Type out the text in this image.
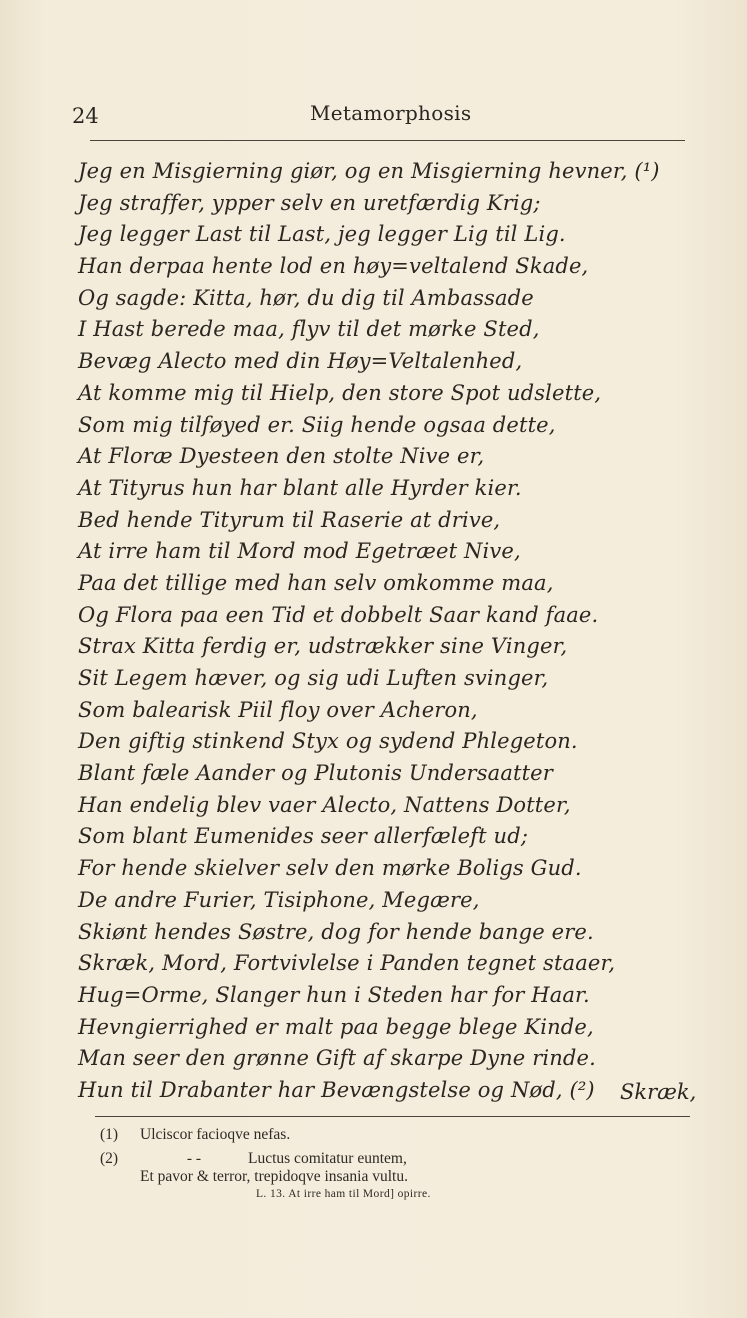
24	Metamorphosis
Jeg en Misgierning giør, og en Misgierning hevner, (¹)
Jeg straffer, ypper selv en uretfærdig Krig;
Jeg legger Last til Last, jeg legger Lig til Lig.
Han derpaa hente lod en høy=veltalend Skade,
Og sagde: Kitta, hør, du dig til Ambassade
I Hast berede maa, flyv til det mørke Sted,
Bevæg Alecto med din Høy=Veltalenhed,
At komme mig til Hielp, den store Spot udslette,
Som mig tilføyed er. Siig hende ogsaa dette,
At Floræ Dyesteen den stolte Nive er,
At Tityrus hun har blant alle Hyrder kier.
Bed hende Tityrum til Raserie at drive,
At irre ham til Mord mod Egetræet Nive,
Paa det tillige med han selv omkomme maa,
Og Flora paa een Tid et dobbelt Saar kand faae.
Strax Kitta ferdig er, udstrækker sine Vinger,
Sit Legem hæver, og sig udi Luften svinger,
Som balearisk Piil floy over Acheron,
Den giftig stinkend Styx og sydend Phlegeton.
Blant fæle Aander og Plutonis Undersaatter
Han endelig blev vaer Alecto, Nattens Dotter,
Som blant Eumenides seer allerfæleft ud;
For hende skielver selv den mørke Boligs Gud.
De andre Furier, Tisiphone, Megære,
Skiønt hendes Søstre, dog for hende bange ere.
Skræk, Mord, Fortvivlelse i Panden tegnet staaer,
Hug=Orme, Slanger hun i Steden har for Haar.
Hevngierrighed er malt paa begge blege Kinde,
Man seer den grønne Gift af skarpe Dyne rinde.
Hun til Drabanter har Bevængstelse og Nød, (²)	Skræk,
(1) Ulciscor facioqve nefas.
(2)	- -	Luctus comitatur euntem,
Et pavor & terror, trepidoqve insania vultu.
L. 13. At irre ham til Mord] opirre.
